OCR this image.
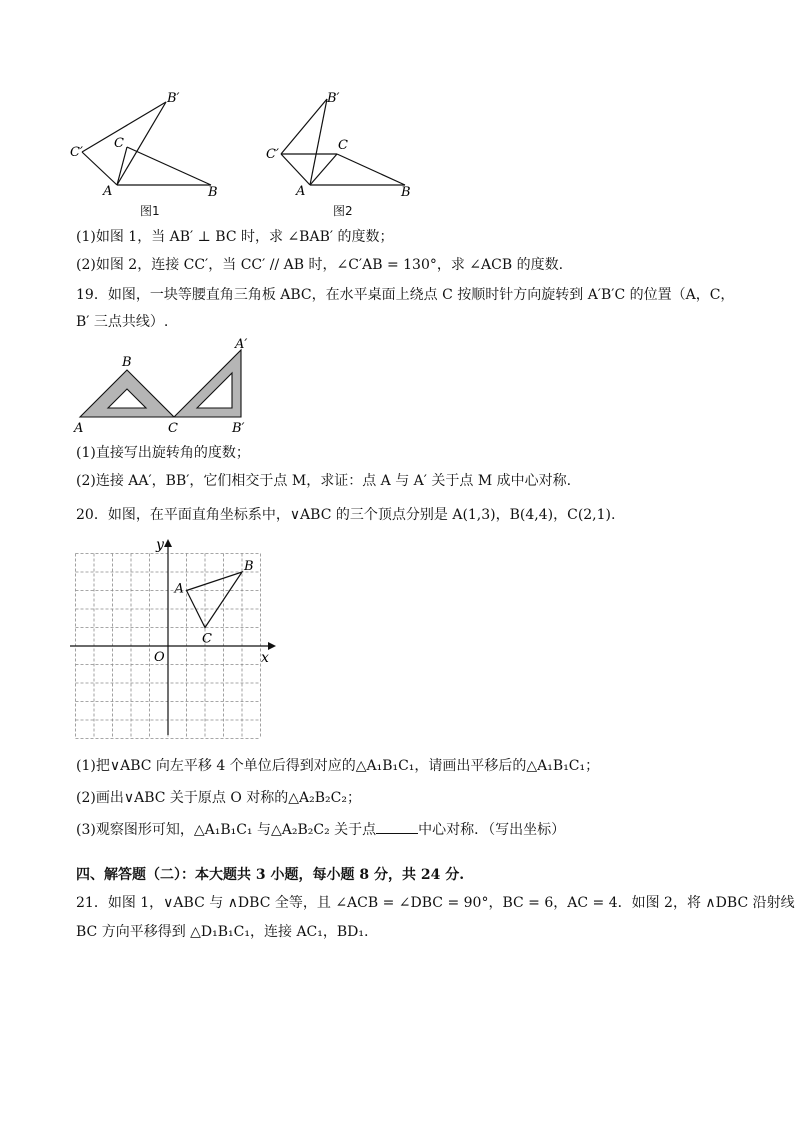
B′
C′
C
A	B
图1
B′
C′
C
A	B
图2
(1)如图 1，当 AB′ ⊥ BC 时，求 ∠BAB′ 的度数；
(2)如图 2，连接 CC′，当 CC′ // AB 时，∠C′AB = 130°，求 ∠ACB 的度数.
19．如图，一块等腰直角三角板 ABC，在水平桌面上绕点 C 按顺时针方向旋转到 A′B′C 的位置（A，C，
B′ 三点共线）.
B
A′
A	C	B′
(1)直接写出旋转角的度数；
(2)连接 AA′，BB′，它们相交于点 M，求证：点 A 与 A′ 关于点 M 成中心对称.
20．如图，在平面直角坐标系中，∨ABC 的三个顶点分别是 A(1,3)，B(4,4)，C(2,1).
y
x
O
A
B
C
(1)把∨ABC 向左平移 4 个单位后得到对应的△A₁B₁C₁，请画出平移后的△A₁B₁C₁；
(2)画出∨ABC 关于原点 O 对称的△A₂B₂C₂；
(3)观察图形可知，△A₁B₁C₁ 与△A₂B₂C₂ 关于点	中心对称．（写出坐标）
四、解答题（二）：本大题共 3 小题，每小题 8 分，共 24 分.
21．如图 1，∨ABC 与 ∧DBC 全等，且 ∠ACB = ∠DBC = 90°，BC = 6，AC = 4．如图 2，将 ∧DBC 沿射线
BC 方向平移得到 △D₁B₁C₁，连接 AC₁，BD₁.
